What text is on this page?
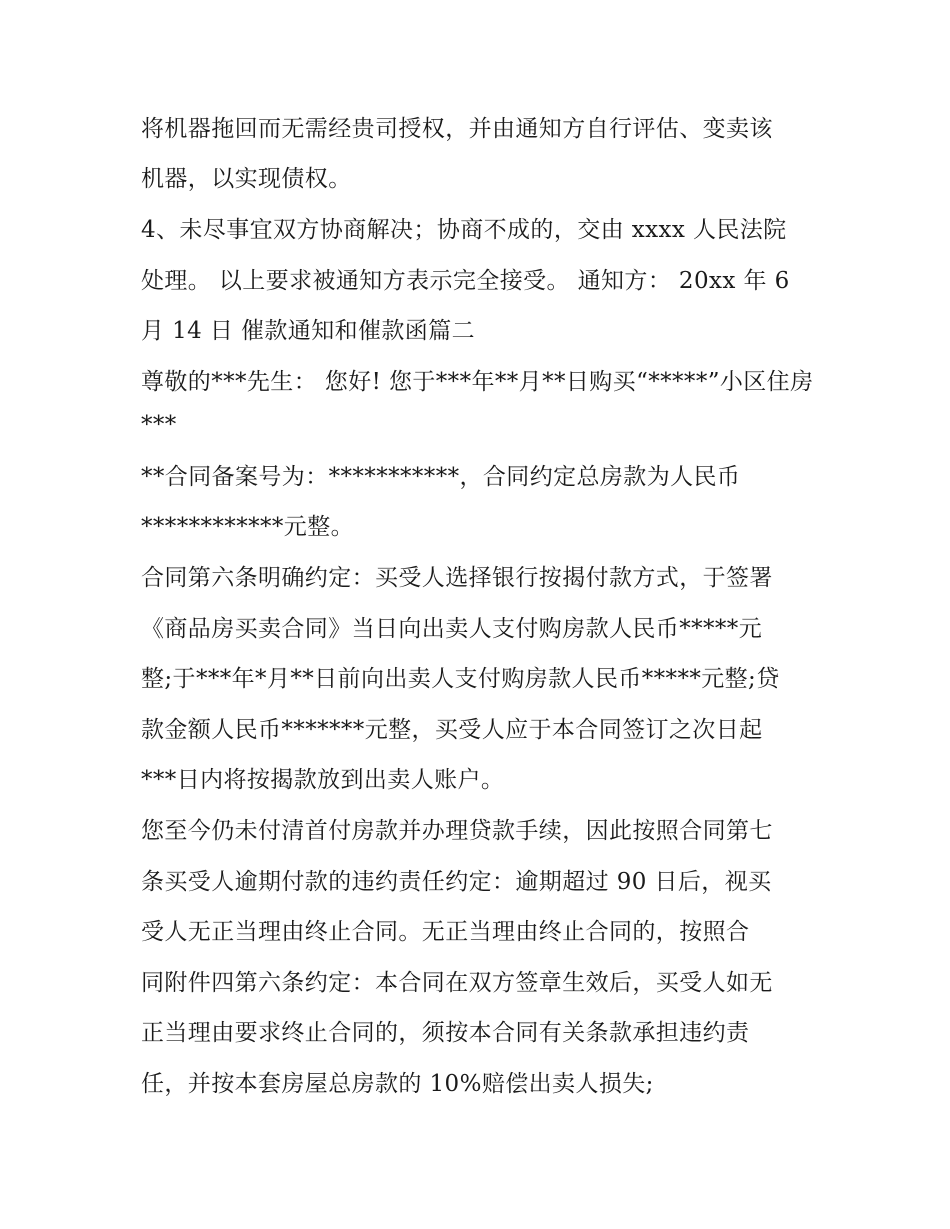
将机器拖回而无需经贵司授权，并由通知方自行评估、变卖该
机器，以实现债权。
4、未尽事宜双方协商解决；协商不成的，交由 xxxx 人民法院
处理。 以上要求被通知方表示完全接受。 通知方： 20xx 年 6
月 14 日 催款通知和催款函篇二
尊敬的***先生： 您好! 您于***年**月**日购买“*****”小区住房
***
**合同备案号为：***********，合同约定总房款为人民币
************元整。
合同第六条明确约定：买受人选择银行按揭付款方式，于签署
《商品房买卖合同》当日向出卖人支付购房款人民币*****元
整;于***年*月**日前向出卖人支付购房款人民币*****元整;贷
款金额人民币*******元整，买受人应于本合同签订之次日起
***日内将按揭款放到出卖人账户。
您至今仍未付清首付房款并办理贷款手续，因此按照合同第七
条买受人逾期付款的违约责任约定：逾期超过 90 日后，视买
受人无正当理由终止合同。无正当理由终止合同的，按照合
同附件四第六条约定：本合同在双方签章生效后，买受人如无
正当理由要求终止合同的，须按本合同有关条款承担违约责
任，并按本套房屋总房款的 10%赔偿出卖人损失;
